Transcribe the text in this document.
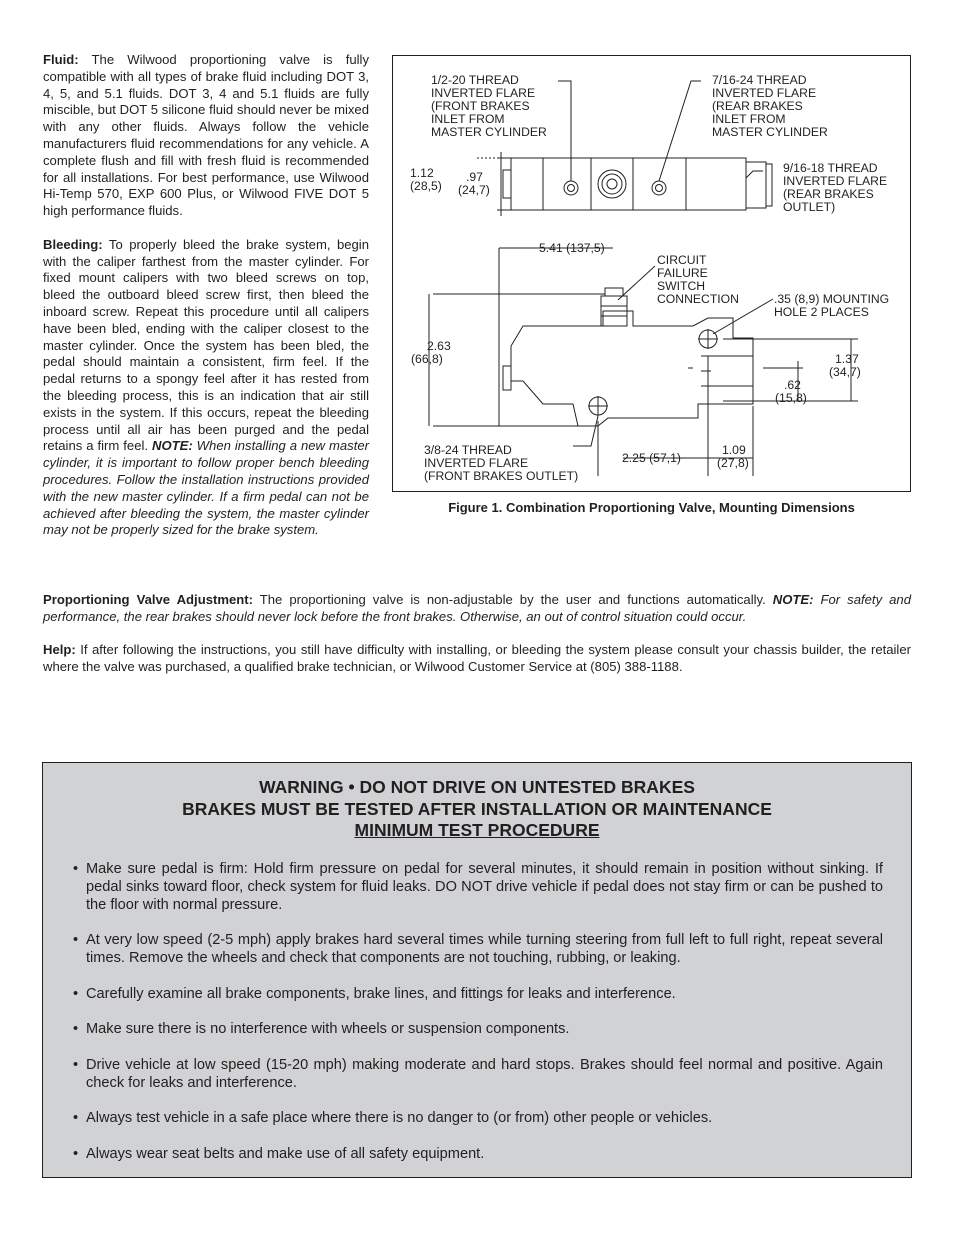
Fluid: The Wilwood proportioning valve is fully compatible with all types of brake fluid including DOT 3, 4, 5, and 5.1 fluids. DOT 3, 4 and 5.1 fluids are fully miscible, but DOT 5 silicone fluid should never be mixed with any other fluids. Always follow the vehicle manufacturers fluid recommendations for any vehicle. A complete flush and fill with fresh fluid is recommended for all installations. For best performance, use Wilwood Hi-Temp 570, EXP 600 Plus, or Wilwood FIVE DOT 5 high performance fluids.

Bleeding: To properly bleed the brake system, begin with the caliper farthest from the master cylinder. For fixed mount calipers with two bleed screws on top, bleed the outboard bleed screw first, then bleed the inboard screw. Repeat this procedure until all calipers have been bled, ending with the caliper closest to the master cylinder. Once the system has been bled, the pedal should maintain a consistent, firm feel. If the pedal returns to a spongy feel after it has rested from the bleeding process, this is an indication that air still exists in the system. If this occurs, repeat the bleeding process until all air has been purged and the pedal retains a firm feel. NOTE: When installing a new master cylinder, it is important to follow proper bench bleeding procedures. Follow the installation instructions provided with the new master cylinder. If a firm pedal can not be achieved after bleeding the system, the master cylinder may not be properly sized for the brake system.

1/2-20 THREAD
INVERTED FLARE
(FRONT BRAKES
INLET FROM
MASTER CYLINDER
7/16-24 THREAD
INVERTED FLARE
(REAR BRAKES
INLET FROM
MASTER CYLINDER
9/16-18 THREAD
INVERTED FLARE
(REAR BRAKES
OUTLET)
1.12
(28,5)
.97
(24,7)
5.41 (137,5)
CIRCUIT
FAILURE
SWITCH
CONNECTION	.35 (8,9) MOUNTING
HOLE 2 PLACES
2.63
(66,8)	1.37
(34,7)
.62
(15,8)
3/8-24 THREAD
INVERTED FLARE
(FRONT BRAKES OUTLET)
2.25 (57,1)
1.09
(27,8)
Figure 1. Combination Proportioning Valve, Mounting Dimensions

Proportioning Valve Adjustment: The proportioning valve is non-adjustable by the user and functions automatically. NOTE: For safety and performance, the rear brakes should never lock before the front brakes. Otherwise, an out of control situation could occur.

Help: If after following the instructions, you still have difficulty with installing, or bleeding the system please consult your chassis builder, the retailer where the valve was purchased, a qualified brake technician, or Wilwood Customer Service at (805) 388-1188.

WARNING • DO NOT DRIVE ON UNTESTED BRAKES

BRAKES MUST BE TESTED AFTER INSTALLATION OR MAINTENANCE

MINIMUM TEST PROCEDURE

• Make sure pedal is firm: Hold firm pressure on pedal for several minutes, it should remain in position without sinking. If pedal sinks toward floor, check system for fluid leaks. DO NOT drive vehicle if pedal does not stay firm or can be pushed to the floor with normal pressure.
• At very low speed (2-5 mph) apply brakes hard several times while turning steering from full left to full right, repeat several times. Remove the wheels and check that components are not touching, rubbing, or leaking.
• Carefully examine all brake components, brake lines, and fittings for leaks and interference.
• Make sure there is no interference with wheels or suspension components.
• Drive vehicle at low speed (15-20 mph) making moderate and hard stops. Brakes should feel normal and positive. Again check for leaks and interference.
• Always test vehicle in a safe place where there is no danger to (or from) other people or vehicles.
• Always wear seat belts and make use of all safety equipment.
